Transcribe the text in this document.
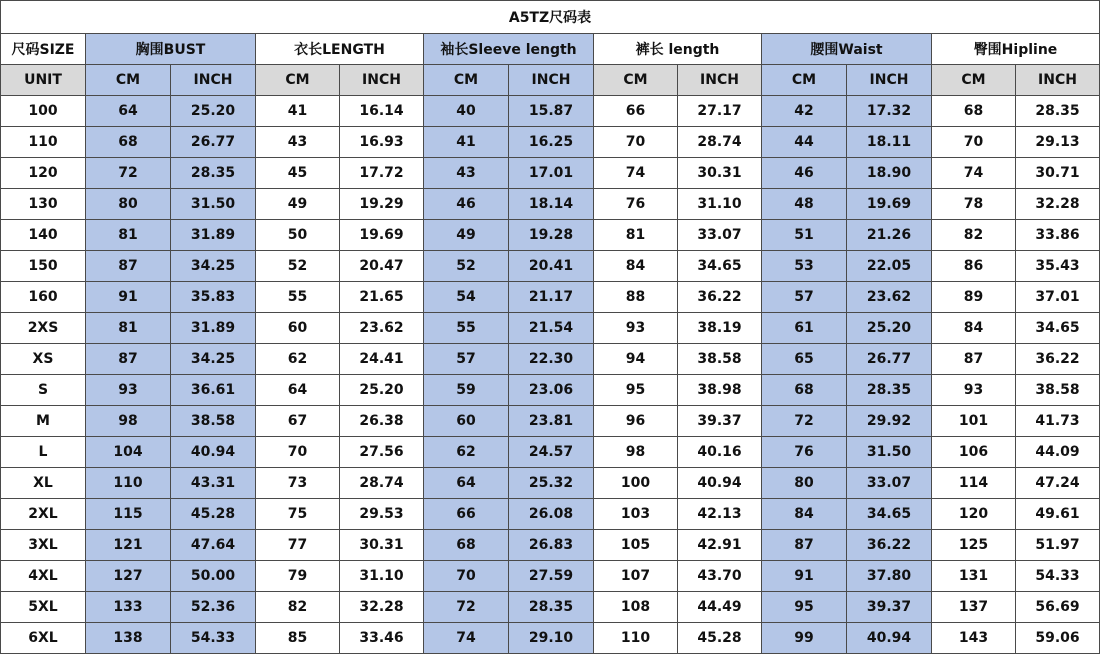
A5TZ尺码表												
尺码SIZE	胸围BUST		衣长LENGTH		袖长Sleeve length		裤长 length		腰围Waist		臀围Hipline	
UNIT	CM	INCH	CM	INCH	CM	INCH	CM	INCH	CM	INCH	CM	INCH
100	64	25.20	41	16.14	40	15.87	66	27.17	42	17.32	68	28.35
110	68	26.77	43	16.93	41	16.25	70	28.74	44	18.11	70	29.13
120	72	28.35	45	17.72	43	17.01	74	30.31	46	18.90	74	30.71
130	80	31.50	49	19.29	46	18.14	76	31.10	48	19.69	78	32.28
140	81	31.89	50	19.69	49	19.28	81	33.07	51	21.26	82	33.86
150	87	34.25	52	20.47	52	20.41	84	34.65	53	22.05	86	35.43
160	91	35.83	55	21.65	54	21.17	88	36.22	57	23.62	89	37.01
2XS	81	31.89	60	23.62	55	21.54	93	38.19	61	25.20	84	34.65
XS	87	34.25	62	24.41	57	22.30	94	38.58	65	26.77	87	36.22
S	93	36.61	64	25.20	59	23.06	95	38.98	68	28.35	93	38.58
M	98	38.58	67	26.38	60	23.81	96	39.37	72	29.92	101	41.73
L	104	40.94	70	27.56	62	24.57	98	40.16	76	31.50	106	44.09
XL	110	43.31	73	28.74	64	25.32	100	40.94	80	33.07	114	47.24
2XL	115	45.28	75	29.53	66	26.08	103	42.13	84	34.65	120	49.61
3XL	121	47.64	77	30.31	68	26.83	105	42.91	87	36.22	125	51.97
4XL	127	50.00	79	31.10	70	27.59	107	43.70	91	37.80	131	54.33
5XL	133	52.36	82	32.28	72	28.35	108	44.49	95	39.37	137	56.69
6XL	138	54.33	85	33.46	74	29.10	110	45.28	99	40.94	143	59.06
